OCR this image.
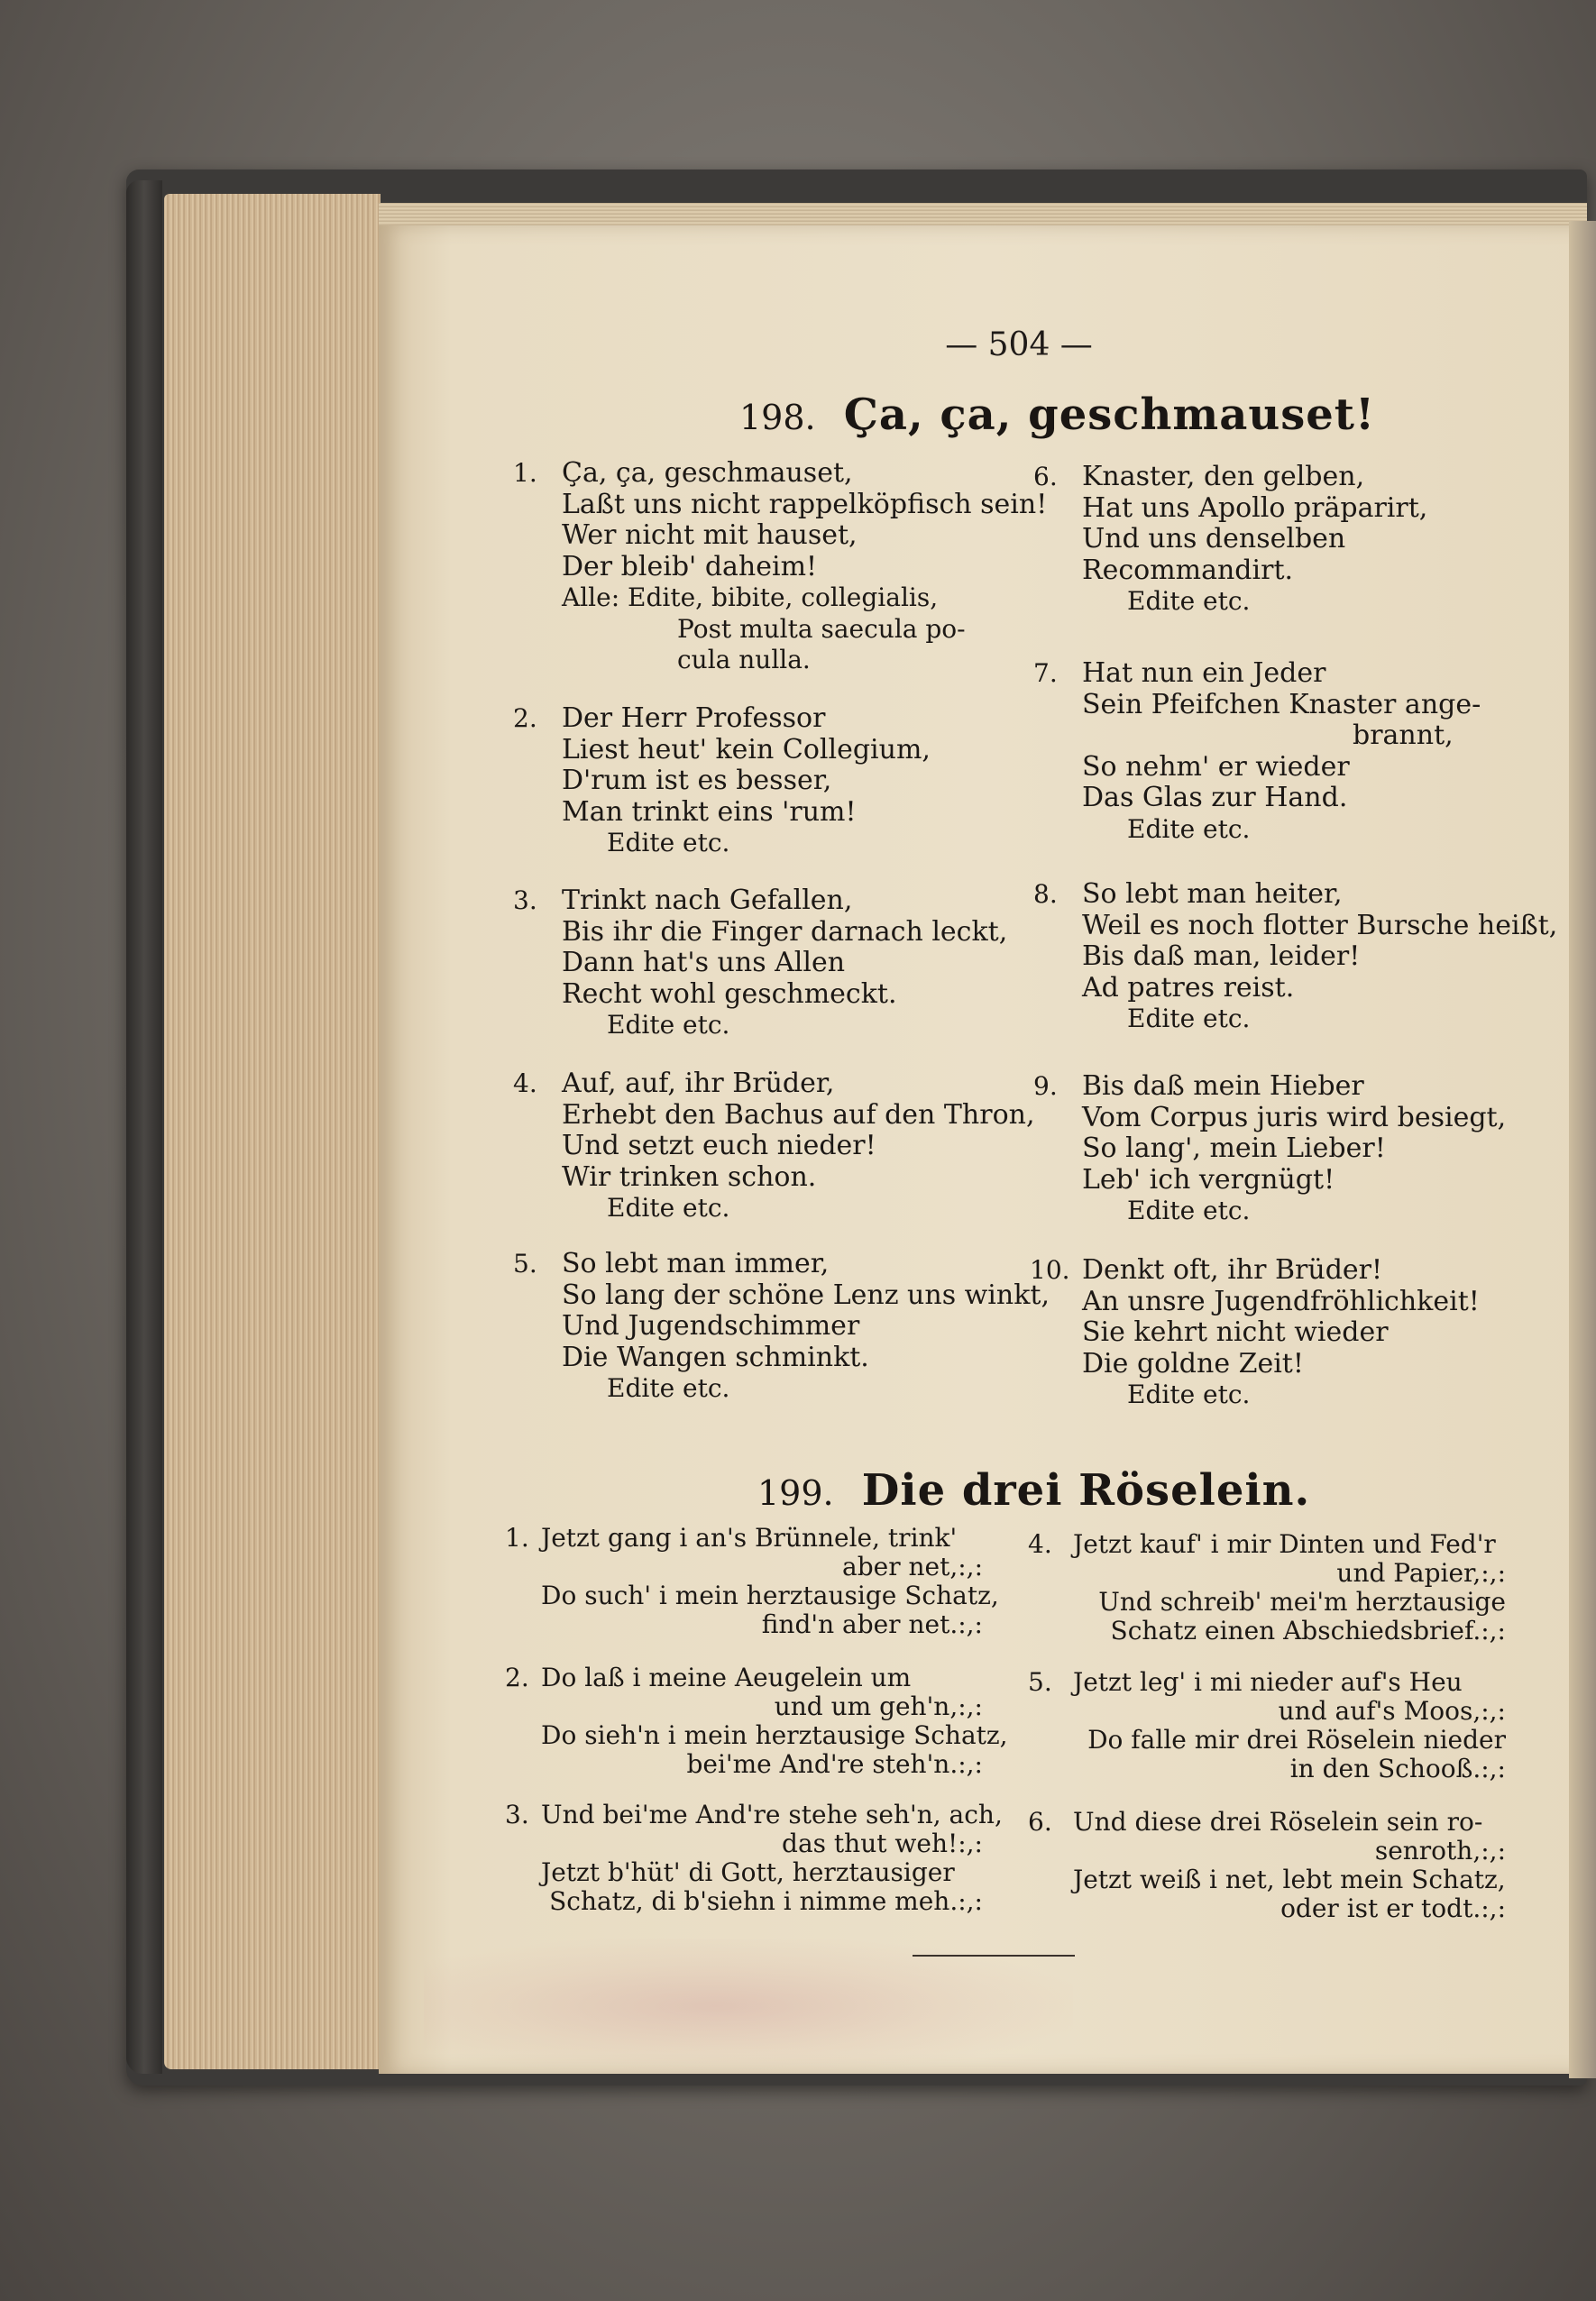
— 504 —
198. Ça, ça, geschmauset!
1. Ça, ça, geschmauset,
Laßt uns nicht rappelköpfisch sein!
Wer nicht mit hauset,
Der bleib' daheim!
Alle: Edite, bibite, collegialis,
Post multa saecula po-
cula nulla.
2. Der Herr Professor
Liest heut' kein Collegium,
D'rum ist es besser,
Man trinkt eins 'rum!
Edite etc.
3. Trinkt nach Gefallen,
Bis ihr die Finger darnach leckt,
Dann hat's uns Allen
Recht wohl geschmeckt.
Edite etc.
4. Auf, auf, ihr Brüder,
Erhebt den Bachus auf den Thron,
Und setzt euch nieder!
Wir trinken schon.
Edite etc.
5. So lebt man immer,
So lang der schöne Lenz uns winkt,
Und Jugendschimmer
Die Wangen schminkt.
Edite etc.
6. Knaster, den gelben,
Hat uns Apollo präparirt,
Und uns denselben
Recommandirt.
Edite etc.
7. Hat nun ein Jeder
Sein Pfeifchen Knaster ange-
brannt,
So nehm' er wieder
Das Glas zur Hand.
Edite etc.
8. So lebt man heiter,
Weil es noch flotter Bursche heißt,
Bis daß man, leider!
Ad patres reist.
Edite etc.
9. Bis daß mein Hieber
Vom Corpus juris wird besiegt,
So lang', mein Lieber!
Leb' ich vergnügt!
Edite etc.
10. Denkt oft, ihr Brüder!
An unsre Jugendfröhlichkeit!
Sie kehrt nicht wieder
Die goldne Zeit!
Edite etc.
199. Die drei Röselein.
1. Jetzt gang i an's Brünnele, trink'
aber net,:,:
Do such' i mein herztausige Schatz,
find'n aber net.:,:
2. Do laß i meine Aeugelein um
und um geh'n,:,:
Do sieh'n i mein herztausige Schatz,
bei'me And're steh'n.:,:
3. Und bei'me And're stehe seh'n, ach,
das thut weh!:,:
Jetzt b'hüt' di Gott, herztausiger
Schatz, di b'siehn i nimme meh.:,:
4. Jetzt kauf' i mir Dinten und Fed'r
und Papier,:,:
Und schreib' mei'm herztausige
Schatz einen Abschiedsbrief.:,:
5. Jetzt leg' i mi nieder auf's Heu
und auf's Moos,:,:
Do falle mir drei Röselein nieder
in den Schooß.:,:
6. Und diese drei Röselein sein ro-
senroth,:,:
Jetzt weiß i net, lebt mein Schatz,
oder ist er todt.:,:
